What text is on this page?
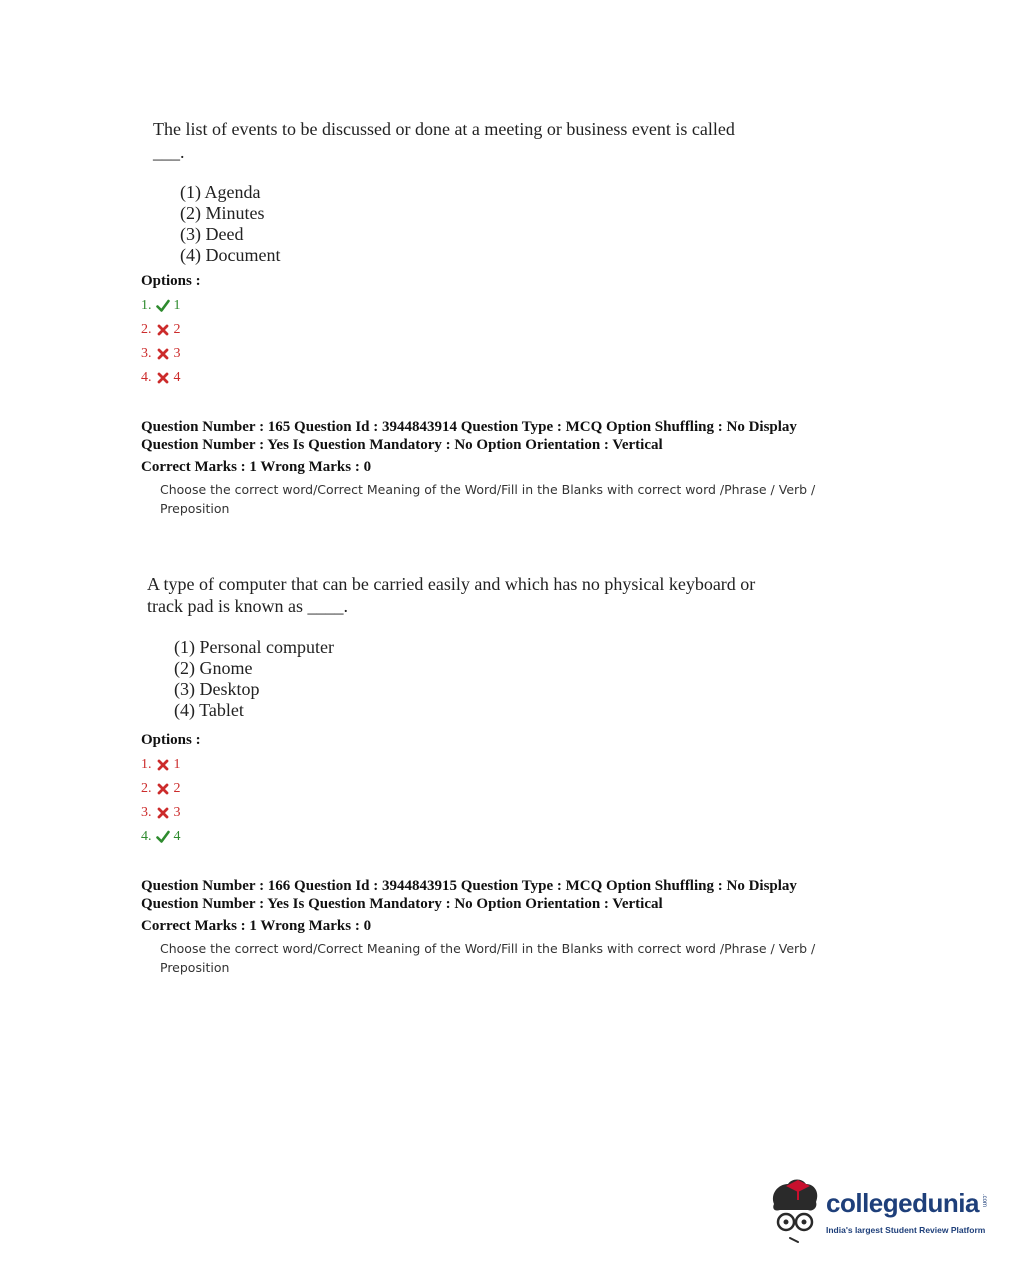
The list of events to be discussed or done at a meeting or business event is called
___.
(1) Agenda
(2) Minutes
(3) Deed
(4) Document
Options :
1. 1
2. 2
3. 3
4. 4
Question Number : 165 Question Id : 3944843914 Question Type : MCQ Option Shuffling : No Display
Question Number : Yes Is Question Mandatory : No Option Orientation : Vertical
Correct Marks : 1 Wrong Marks : 0
Choose the correct word/Correct Meaning of the Word/Fill in the Blanks with correct word /Phrase / Verb /
Preposition
A type of computer that can be carried easily and which has no physical keyboard or
track pad is known as ____.
(1) Personal computer
(2) Gnome
(3) Desktop
(4) Tablet
Options :
1. 1
2. 2
3. 3
4. 4
Question Number : 166 Question Id : 3944843915 Question Type : MCQ Option Shuffling : No Display
Question Number : Yes Is Question Mandatory : No Option Orientation : Vertical
Correct Marks : 1 Wrong Marks : 0
Choose the correct word/Correct Meaning of the Word/Fill in the Blanks with correct word /Phrase / Verb /
Preposition
collegedunia .com
India's largest Student Review Platform
